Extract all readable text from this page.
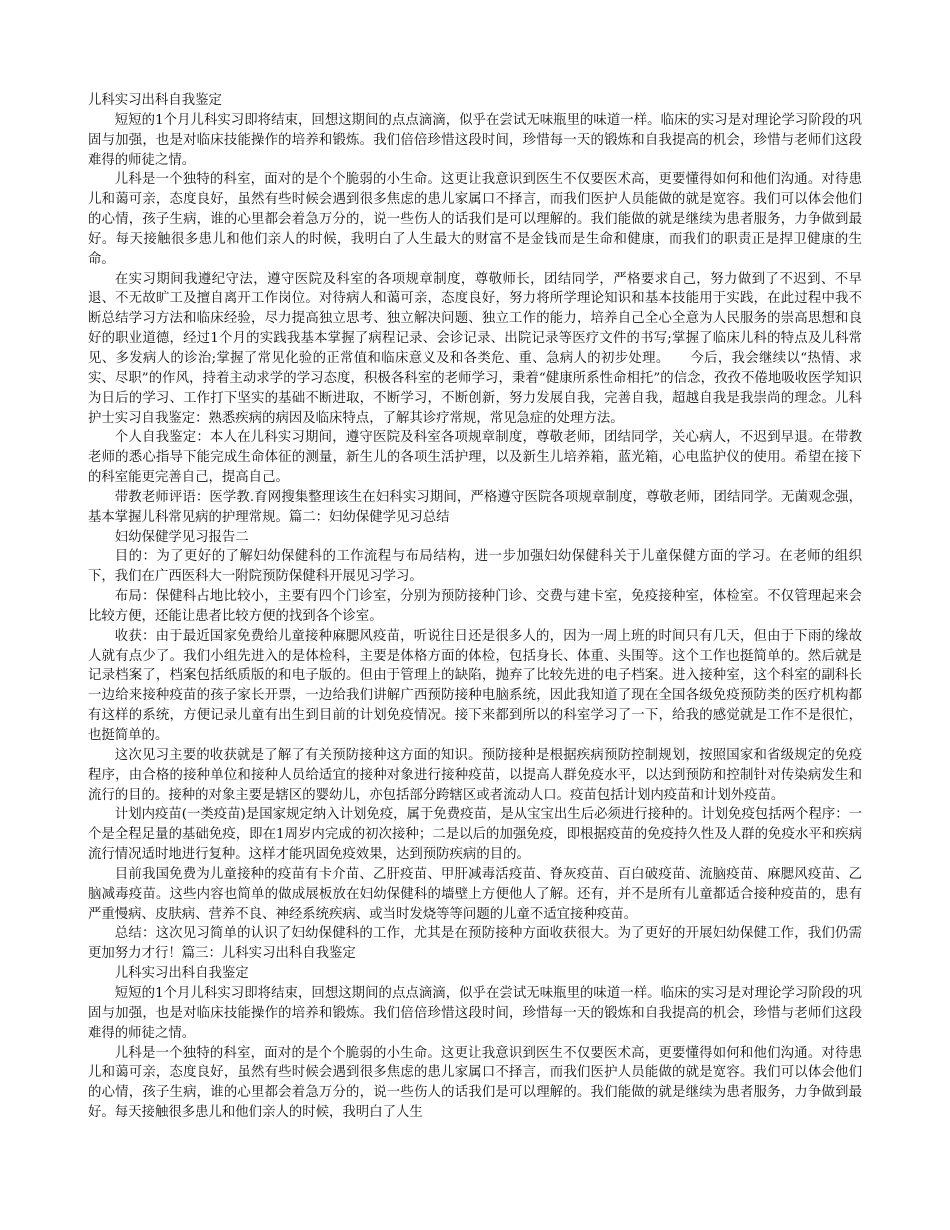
儿科实习出科自我鉴定

短短的1个月儿科实习即将结束，回想这期间的点点滴滴，似乎在尝试无味瓶里的味道一样。临床的实习是对理论学习阶段的巩固与加强，也是对临床技能操作的培养和锻炼。我们倍倍珍惜这段时间，珍惜每一天的锻炼和自我提高的机会，珍惜与老师们这段难得的师徒之情。

儿科是一个独特的科室，面对的是个个脆弱的小生命。这更让我意识到医生不仅要医术高，更要懂得如何和他们沟通。对待患儿和蔼可亲，态度良好，虽然有些时候会遇到很多焦虑的患儿家属口不择言，而我们医护人员能做的就是宽容。我们可以体会他们的心情，孩子生病，谁的心里都会着急万分的，说一些伤人的话我们是可以理解的。我们能做的就是继续为患者服务，力争做到最好。每天接触很多患儿和他们亲人的时候，我明白了人生最大的财富不是金钱而是生命和健康，而我们的职责正是捍卫健康的生命。

在实习期间我遵纪守法，遵守医院及科室的各项规章制度，尊敬师长，团结同学，严格要求自己，努力做到了不迟到、不早退、不无故旷工及擅自离开工作岗位。对待病人和蔼可亲，态度良好，努力将所学理论知识和基本技能用于实践，在此过程中我不断总结学习方法和临床经验，尽力提高独立思考、独立解决问题、独立工作的能力，培养自己全心全意为人民服务的崇高思想和良好的职业道德，经过1个月的实践我基本掌握了病程记录、会诊记录、出院记录等医疗文件的书写;掌握了临床儿科的特点及儿科常见、多发病人的诊治;掌握了常见化验的正常值和临床意义及和各类危、重、急病人的初步处理。　　今后，我会继续以“热情、求实、尽职”的作风，持着主动求学的学习态度，积极各科室的老师学习，秉着“健康所系性命相托”的信念，孜孜不倦地吸收医学知识为日后的学习、工作打下坚实的基础不断进取，不断学习，不断创新，努力发展自我，完善自我，超越自我是我崇尚的理念。儿科护士实习自我鉴定：熟悉疾病的病因及临床特点，了解其诊疗常规，常见急症的处理方法。

个人自我鉴定：本人在儿科实习期间，遵守医院及科室各项规章制度，尊敬老师，团结同学，关心病人，不迟到早退。在带教老师的悉心指导下能完成生命体征的测量，新生儿的各项生活护理，以及新生儿培养箱，蓝光箱，心电监护仪的使用。希望在接下的科室能更完善自己，提高自己。

带教老师评语：医学教.育网搜集整理该生在妇科实习期间，严格遵守医院各项规章制度，尊敬老师，团结同学。无菌观念强，基本掌握儿科常见病的护理常规。篇二：妇幼保健学见习总结

妇幼保健学见习报告二

目的：为了更好的了解妇幼保健科的工作流程与布局结构，进一步加强妇幼保健科关于儿童保健方面的学习。在老师的组织下，我们在广西医科大一附院预防保健科开展见习学习。

布局：保健科占地比较小，主要有四个门诊室，分别为预防接种门诊、交费与建卡室，免疫接种室，体检室。不仅管理起来会比较方便，还能让患者比较方便的找到各个诊室。

收获：由于最近国家免费给儿童接种麻腮风疫苗，听说往日还是很多人的，因为一周上班的时间只有几天，但由于下雨的缘故人就有点少了。我们小组先进入的是体检科，主要是体格方面的体检，包括身长、体重、头围等。这个工作也挺简单的。然后就是记录档案了，档案包括纸质版的和电子版的。但由于管理上的缺陷，抛弃了比较先进的电子档案。进入接种室，这个科室的副科长一边给来接种疫苗的孩子家长开票，一边给我们讲解广西预防接种电脑系统，因此我知道了现在全国各级免疫预防类的医疗机构都有这样的系统，方便记录儿童有出生到目前的计划免疫情况。接下来都到所以的科室学习了一下，给我的感觉就是工作不是很忙，也挺简单的。

这次见习主要的收获就是了解了有关预防接种这方面的知识。预防接种是根据疾病预防控制规划，按照国家和省级规定的免疫程序，由合格的接种单位和接种人员给适宜的接种对象进行接种疫苗，以提高人群免疫水平，以达到预防和控制针对传染病发生和流行的目的。接种的对象主要是辖区的婴幼儿，亦包括部分跨辖区或者流动人口。疫苗包括计划内疫苗和计划外疫苗。

计划内疫苗(一类疫苗)是国家规定纳入计划免疫，属于免费疫苗，是从宝宝出生后必须进行接种的。计划免疫包括两个程序：一个是全程足量的基础免疫，即在1周岁内完成的初次接种；二是以后的加强免疫，即根据疫苗的免疫持久性及人群的免疫水平和疾病流行情况适时地进行复种。这样才能巩固免疫效果，达到预防疾病的目的。

目前我国免费为儿童接种的疫苗有卡介苗、乙肝疫苗、甲肝减毒活疫苗、脊灰疫苗、百白破疫苗、流脑疫苗、麻腮风疫苗、乙脑减毒疫苗。这些内容也简单的做成展板放在妇幼保健科的墙壁上方便他人了解。还有，并不是所有儿童都适合接种疫苗的，患有严重慢病、皮肤病、营养不良、神经系统疾病、或当时发烧等等问题的儿童不适宜接种疫苗。

总结：这次见习简单的认识了妇幼保健科的工作，尤其是在预防接种方面收获很大。为了更好的开展妇幼保健工作，我们仍需更加努力才行！篇三：儿科实习出科自我鉴定

儿科实习出科自我鉴定

短短的1个月儿科实习即将结束，回想这期间的点点滴滴，似乎在尝试无味瓶里的味道一样。临床的实习是对理论学习阶段的巩固与加强，也是对临床技能操作的培养和锻炼。我们倍倍珍惜这段时间，珍惜每一天的锻炼和自我提高的机会，珍惜与老师们这段难得的师徒之情。

儿科是一个独特的科室，面对的是个个脆弱的小生命。这更让我意识到医生不仅要医术高，更要懂得如何和他们沟通。对待患儿和蔼可亲，态度良好，虽然有些时候会遇到很多焦虑的患儿家属口不择言，而我们医护人员能做的就是宽容。我们可以体会他们的心情，孩子生病，谁的心里都会着急万分的，说一些伤人的话我们是可以理解的。我们能做的就是继续为患者服务，力争做到最好。每天接触很多患儿和他们亲人的时候，我明白了人生
